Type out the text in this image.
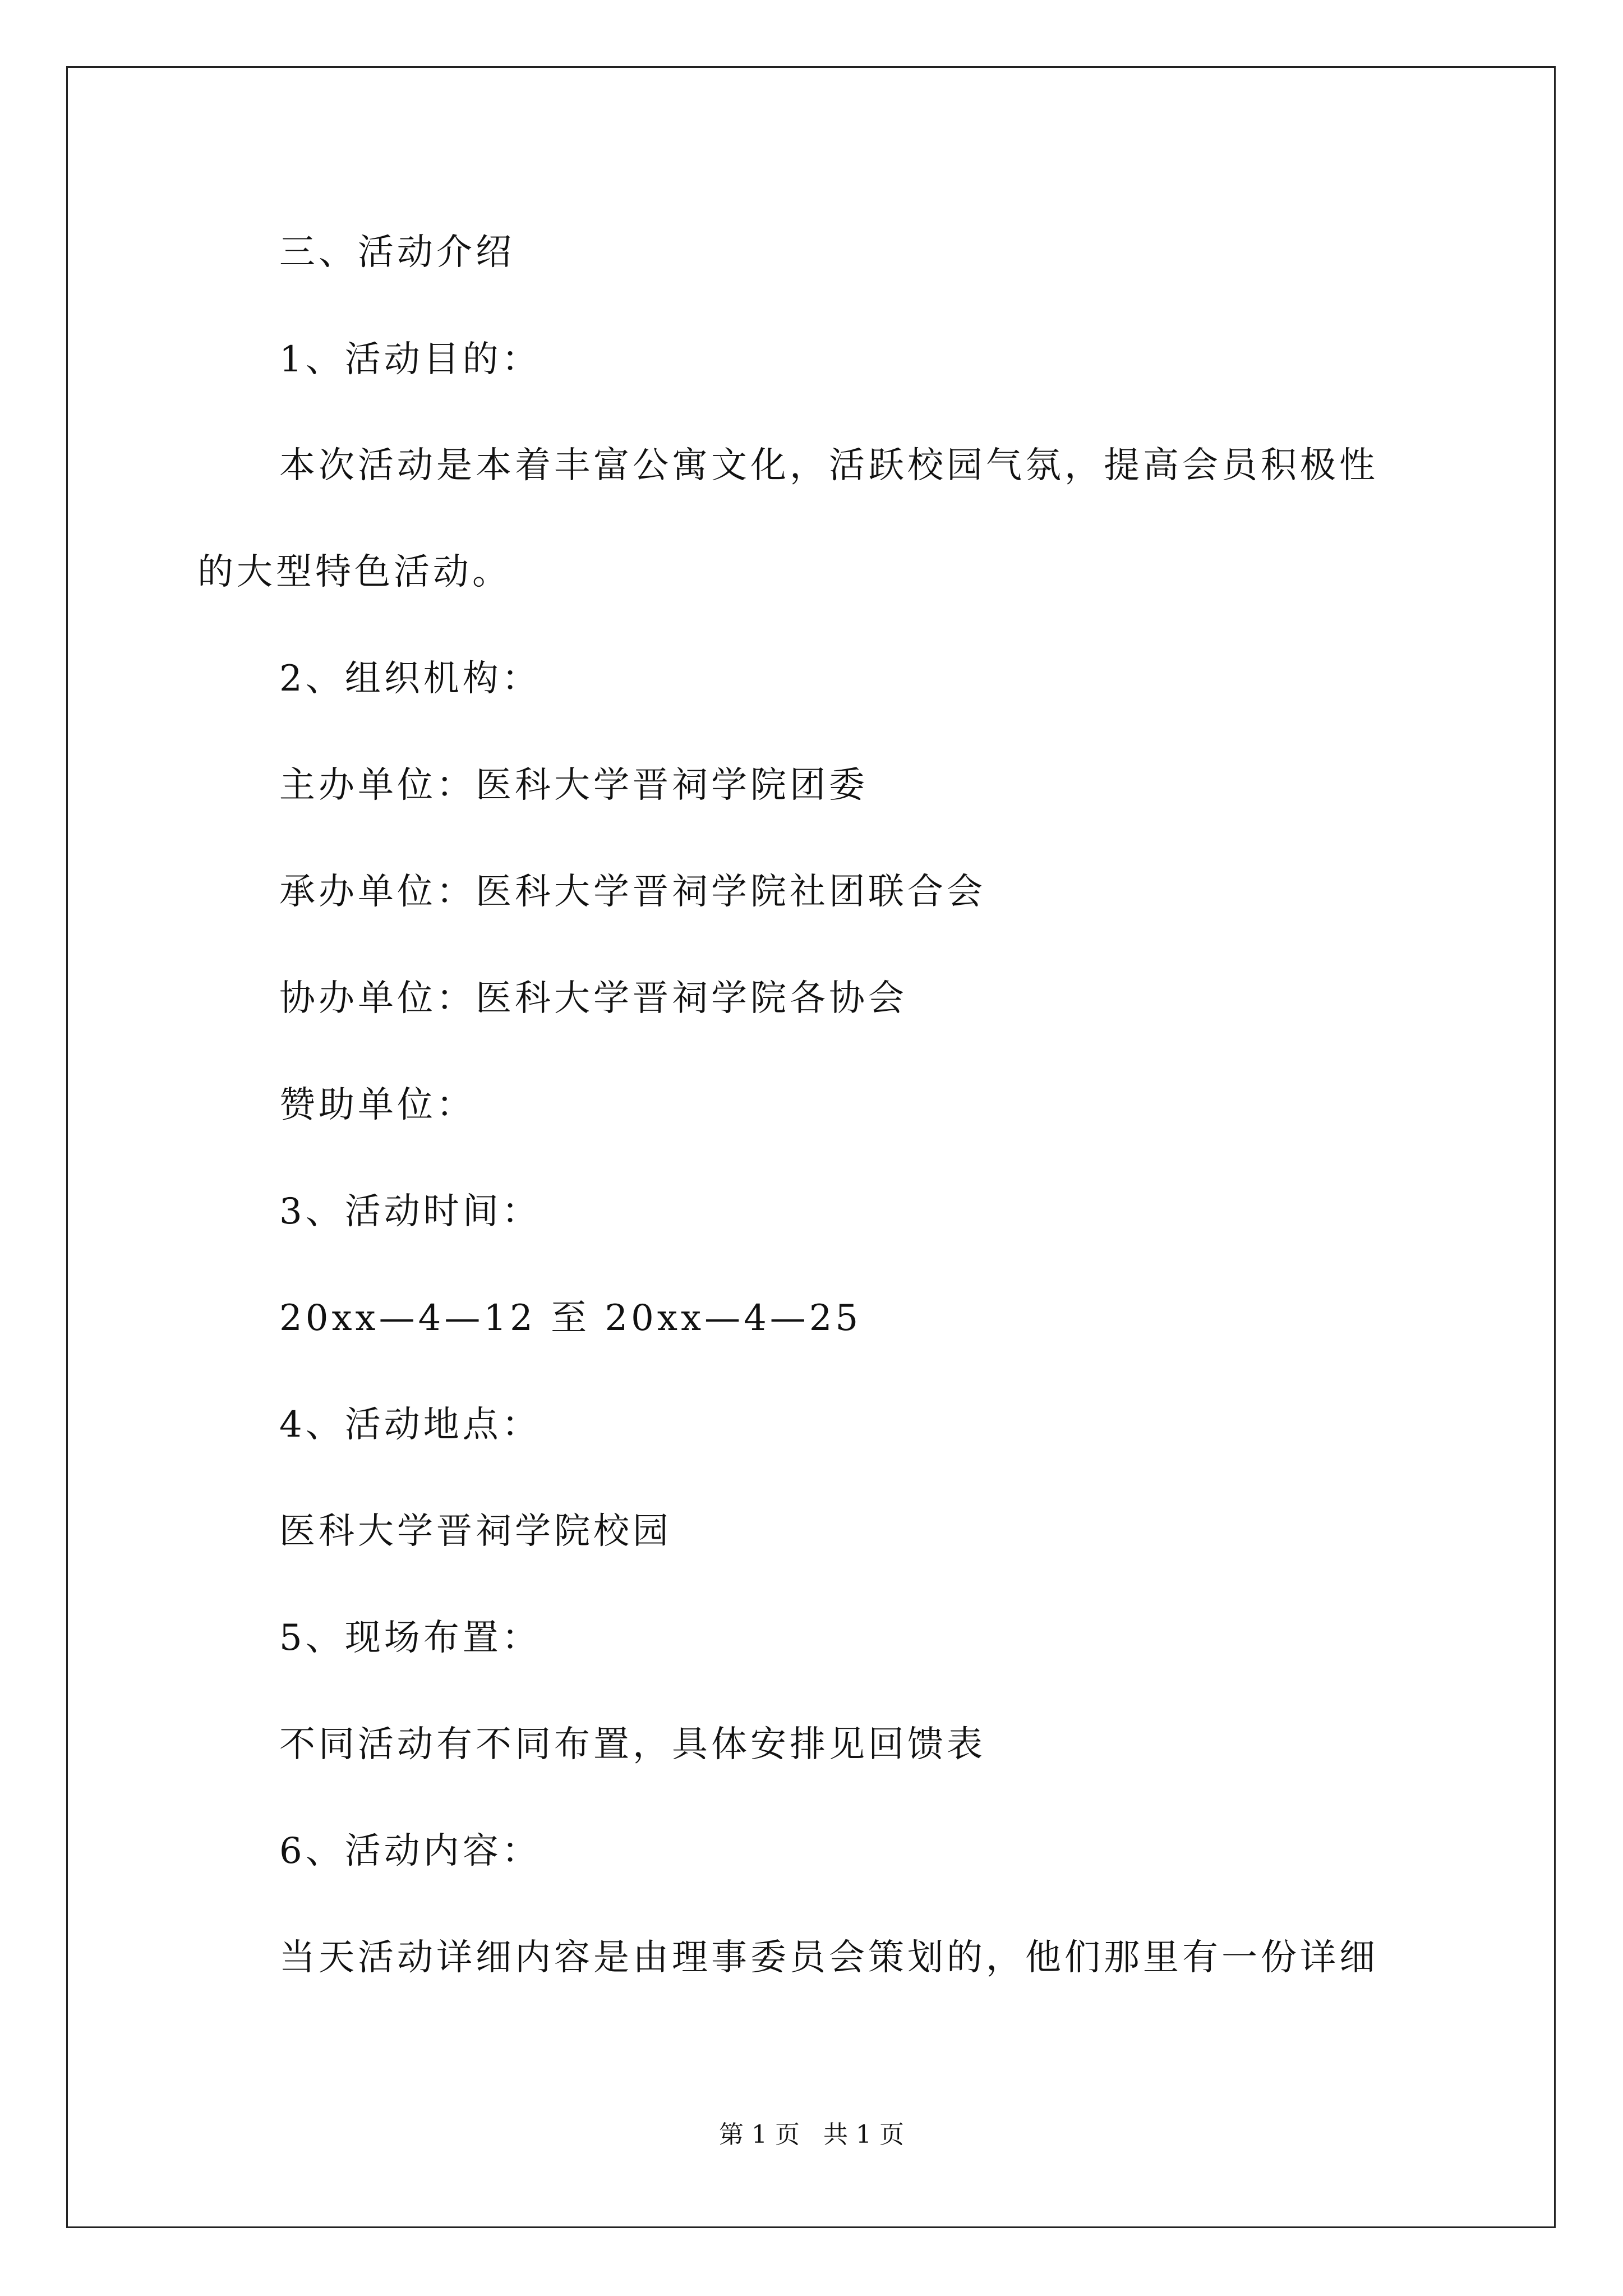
三、活动介绍
1、活动目的：
本次活动是本着丰富公寓文化，活跃校园气氛，提高会员积极性
的大型特色活动。
2、组织机构：
主办单位：医科大学晋祠学院团委
承办单位：医科大学晋祠学院社团联合会
协办单位：医科大学晋祠学院各协会
赞助单位：
3、活动时间：
20xx—4—12 至 20xx—4—25
4、活动地点：
医科大学晋祠学院校园
5、现场布置：
不同活动有不同布置，具体安排见回馈表
6、活动内容：
当天活动详细内容是由理事委员会策划的，他们那里有一份详细
第 1 页   共 1 页
